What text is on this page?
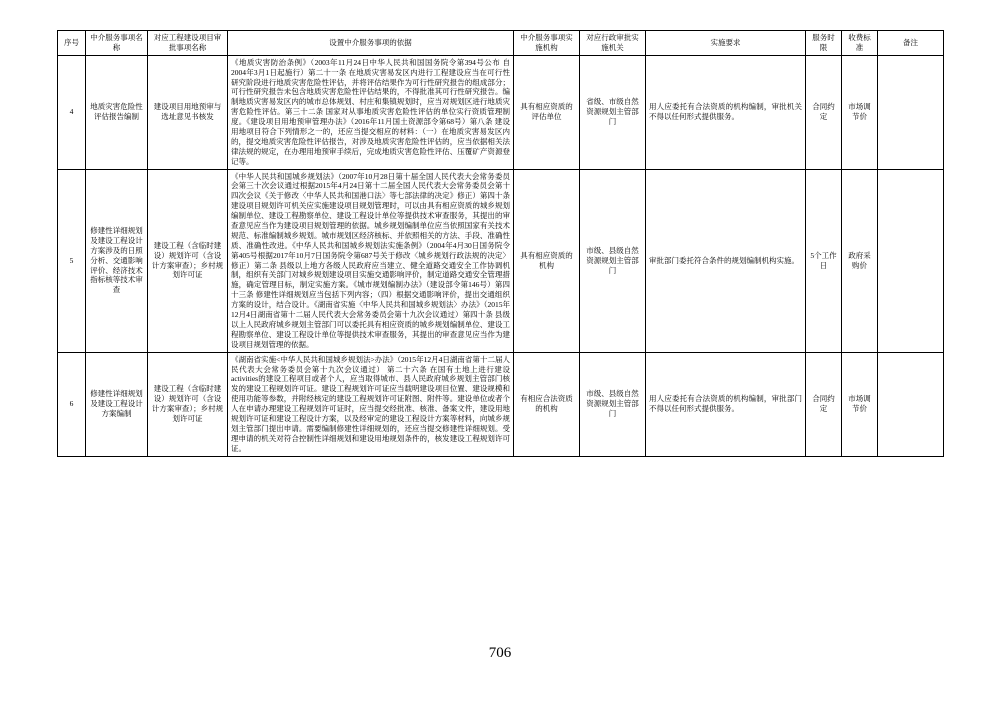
序号	中介服务事项名称	对应工程建设项目审批事项名称	设置中介服务事项的依据	中介服务事项实施机构	对应行政审批实施机关	实施要求	服务时限	收费标准	备注
4	地质灾害危险性评估报告编制	建设项目用地预审与选址意见书核发	《地质灾害防治条例》（2003年11月24日中华人民共和国国务院令第394号公布 自2004年3月1日起施行）第二十一条 在地质灾害易发区内进行工程建设应当在可行性研究阶段进行地质灾害危险性评估，并将评估结果作为可行性研究报告的组成部分；可行性研究报告未包含地质灾害危险性评估结果的，不得批准其可行性研究报告。编制地质灾害易发区内的城市总体规划、村庄和集镇规划时，应当对规划区进行地质灾害危险性评估。第三十二条 国家对从事地质灾害危险性评估的单位实行资质管理制度。《建设项目用地预审管理办法》（2016年11月国土资源部令第68号）第八条 建设用地项目符合下列情形之一的，还应当提交相应的材料：（一）在地质灾害易发区内的，提交地质灾害危险性评估报告，对涉及地质灾害危险性评估的，应当依据相关法律法规的规定，在办理用地预审手续后，完成地质灾害危险性评估、压覆矿产资源登记等。	具有相应资质的评估单位	省级、市级自然资源规划主管部门	用人应委托有合法资质的机构编制，审批机关不得以任何形式提供服务。	合同约定	市场调节价	
5	修建性详细规划及建设工程设计方案涉及的日照分析、交通影响评价、经济技术指标核等技术审查	建设工程（含临时建设）规划许可（含设计方案审查）；乡村规划许可证	《中华人民共和国城乡规划法》（2007年10月28日第十届全国人民代表大会常务委员会第三十次会议通过根据2015年4月24日第十二届全国人民代表大会常务委员会第十四次会议《关于修改〈中华人民共和国港口法〉等七部法律的决定》修正）第四十条 建设项目规划许可机关应实施建设项目规划管理时，可以由具有相应资质的城乡规划编制单位、建设工程勘察单位、建设工程设计单位等提供技术审查服务，其提出的审查意见应当作为建设项目规划管理的依据。城乡规划编制单位应当依照国家有关技术规范、标准编制城乡规划。城市规划区经济核标、并依照相关的方法、手段、准确性质、准确性改进。《中华人民共和国城乡规划法实施条例》（2004年4月30日国务院令第405号根据2017年10月7日国务院令第687号关于修改〈城乡规划行政法规的决定〉修正）第二条 县级以上地方各级人民政府应当建立、健全道路交通安全工作协调机制，组织有关部门对城乡规划建设项目实施交通影响评价，制定道路交通安全管理措施，确定管理目标，制定实施方案。《城市规划编制办法》（建设部令第146号）第四十三条 修建性详细规划应当包括下列内容；（四）根据交通影响评价，提出交通组织方案的设计，结合设计。《湖南省实施〈中华人民共和国城乡规划法〉办法》（2015年12月4日湖南省第十二届人民代表大会常务委员会第十九次会议通过）第四十条 县级以上人民政府城乡规划主管部门可以委托具有相应资质的城乡规划编制单位、建设工程勘察单位、建设工程设计单位等提供技术审查服务，其提出的审查意见应当作为建设项目规划管理的依据。	具有相应资质的机构	市级、县级自然资源规划主管部门	审批部门委托符合条件的规划编制机构实施。	5个工作日	政府采购价	
6	修建性详细规划及建设工程设计方案编制	建设工程（含临时建设）规划许可（含设计方案审查）；乡村规划许可证	《湖南省实施<中华人民共和国城乡规划法>办法》（2015年12月4日湖南省第十二届人民代表大会常务委员会第十九次会议通过） 第二十六条 在国有土地上进行建设activities的建设工程项目或者个人，应当取得城市、县人民政府城乡规划主管部门核发的建设工程规划许可证。建设工程规划许可证应当载明建设项目位置、建设规模和使用功能等参数，并附经核定的建设工程规划许可证附图、附件等。建设单位或者个人在申请办理建设工程规划许可证时，应当提交经批准、核准、备案文件，建设用地规划许可证和建设工程设计方案，以及经审定的建设工程设计方案等材料，向城乡规划主管部门提出申请。需要编制修建性详细规划的，还应当提交修建性详细规划。受理申请的机关对符合控制性详细规划和建设用地规划条件的，核发建设工程规划许可证。	有相应合法资质的机构	市级、县级自然资源规划主管部门	用人应委托有合法资质的机构编制，审批部门不得以任何形式提供服务。	合同约定	市场调节价	
706
